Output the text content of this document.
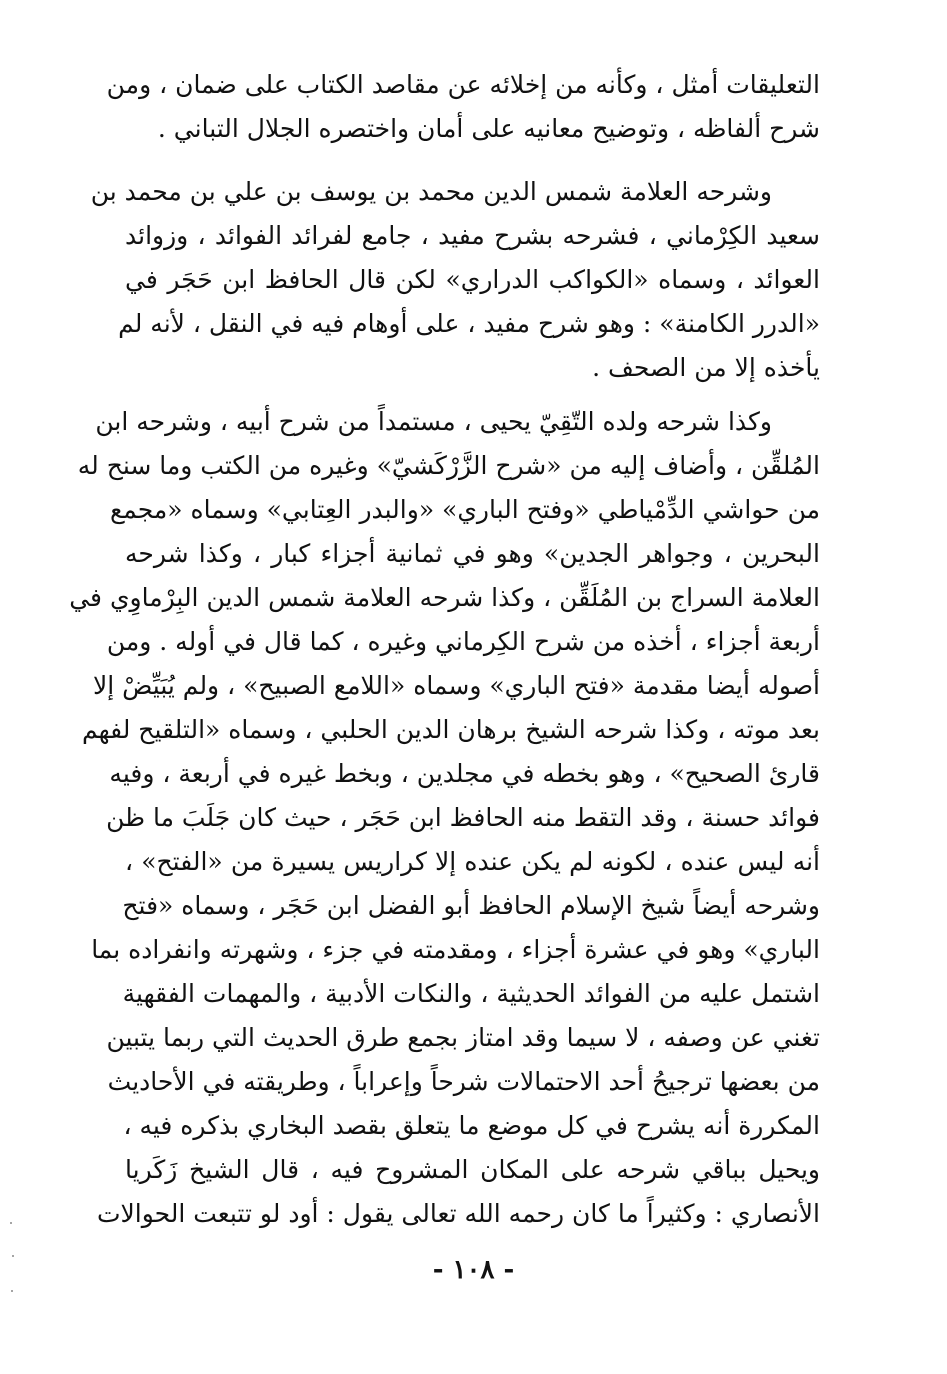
التعليقات أمثل ، وكأنه من إخلائه عن مقاصد الكتاب على ضمان ، ومن
شرح ألفاظه ، وتوضيح معانيه على أمان واختصره الجلال التباني .
وشرحه العلامة شمس الدين محمد بن يوسف بن علي بن محمد بن
سعيد الكِرْماني ، فشرحه بشرح مفيد ، جامع لفرائد الفوائد ، وزوائد
العوائد ، وسماه «الكواكب الدراري» لكن قال الحافظ ابن حَجَر في
«الدرر الكامنة» : وهو شرح مفيد ، على أوهام فيه في النقل ، لأنه لم
يأخذه إلا من الصحف .
وكذا شرحه ولده التّقِيّ يحيى ، مستمداً من شرح أبيه ، وشرحه ابن
المُلقِّن ، وأضاف إليه من «شرح الزَّرْكَشيّ» وغيره من الكتب وما سنح له
من حواشي الدِّمْياطي «وفتح الباري» «والبدر العِتابي» وسماه «مجمع
البحرين ، وجواهر الجدين» وهو في ثمانية أجزاء كبار ، وكذا شرحه
العلامة السراج بن المُلَقِّن ، وكذا شرحه العلامة شمس الدين البِرْماوِي في
أربعة أجزاء ، أخذه من شرح الكِرماني وغيره ، كما قال في أوله . ومن
أصوله أيضا مقدمة «فتح الباري» وسماه «اللامع الصبيح» ، ولم يُبَيِّضْ إلا
بعد موته ، وكذا شرحه الشيخ برهان الدين الحلبي ، وسماه «التلقيح لفهم
قارئ الصحيح» ، وهو بخطه في مجلدين ، وبخط غيره في أربعة ، وفيه
فوائد حسنة ، وقد التقط منه الحافظ ابن حَجَر ، حيث كان جَلَبَ ما ظن
أنه ليس عنده ، لكونه لم يكن عنده إلا كراريس يسيرة من «الفتح» ،
وشرحه أيضاً شيخ الإسلام الحافظ أبو الفضل ابن حَجَر ، وسماه «فتح
الباري» وهو في عشرة أجزاء ، ومقدمته في جزء ، وشهرته وانفراده بما
اشتمل عليه من الفوائد الحديثية ، والنكات الأدبية ، والمهمات الفقهية
تغني عن وصفه ، لا سيما وقد امتاز بجمع طرق الحديث التي ربما يتبين
من بعضها ترجيحُ أحد الاحتمالات شرحاً وإعراباً ، وطريقته في الأحاديث
المكررة أنه يشرح في كل موضع ما يتعلق بقصد البخاري بذكره فيه ،
ويحيل بباقي شرحه على المكان المشروح فيه ، قال الشيخ زَكَريا
الأنصاري : وكثيراً ما كان رحمه الله تعالى يقول : أود لو تتبعت الحوالات
- ١٠٨ -
